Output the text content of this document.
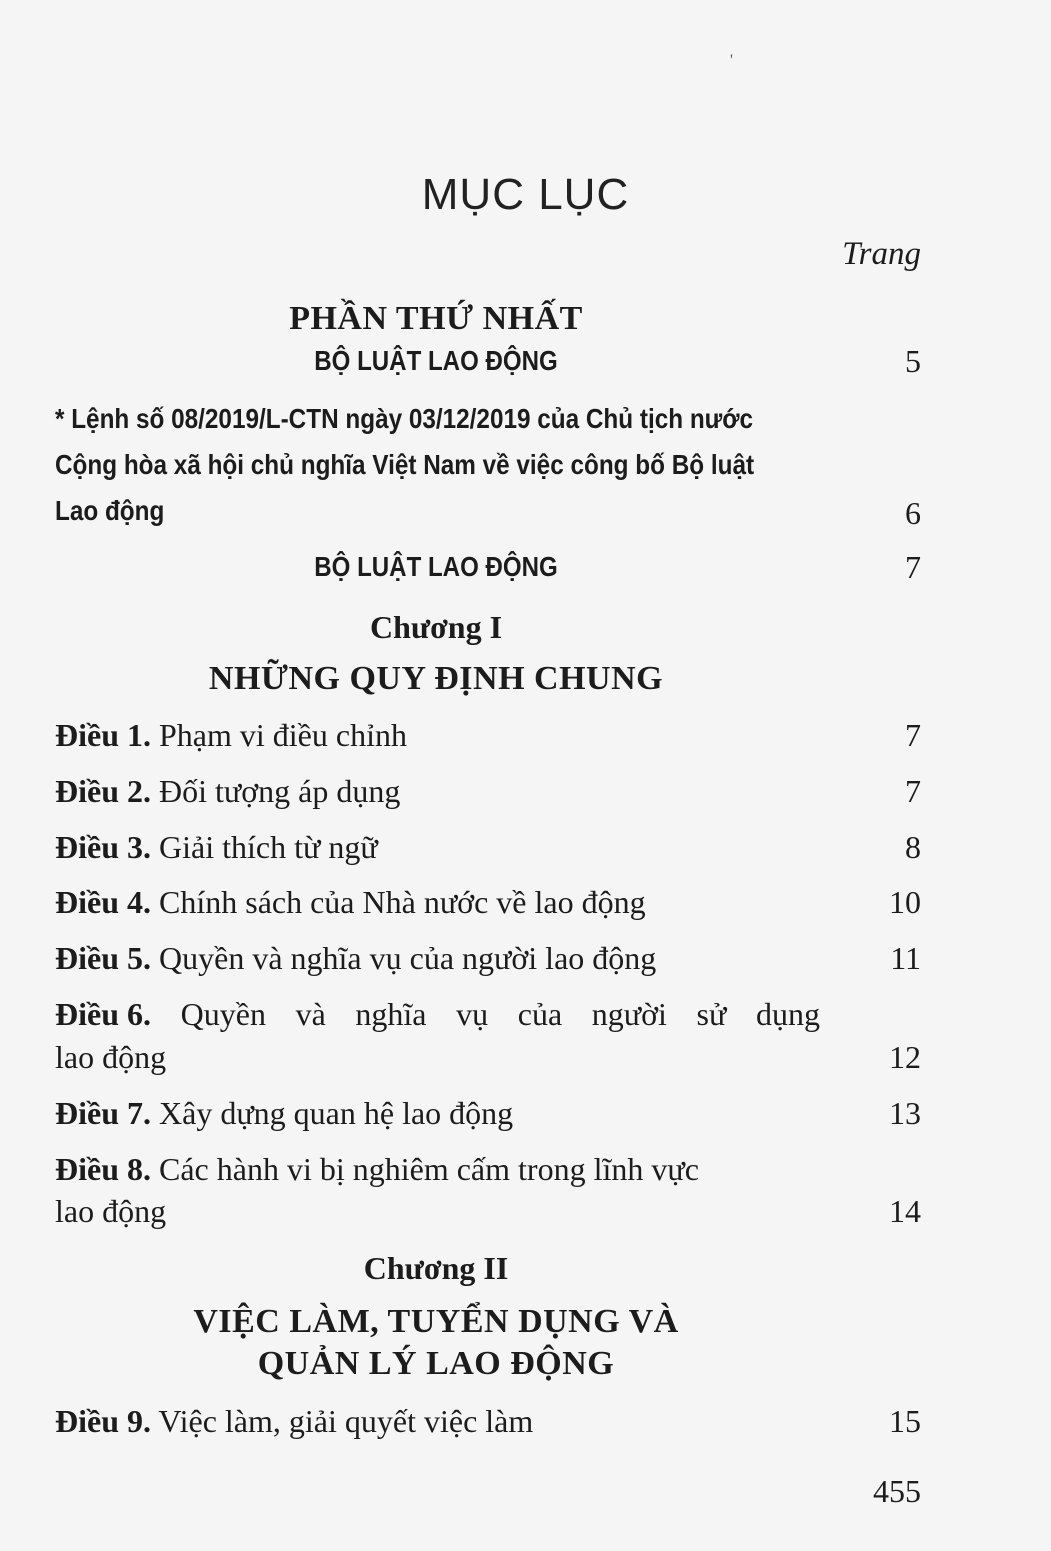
'
MỤC LỤC
Trang
PHẦN THỨ NHẤT
BỘ LUẬT LAO ĐỘNG	5
* Lệnh số 08/2019/L-CTN ngày 03/12/2019 của Chủ tịch nước
Cộng hòa xã hội chủ nghĩa Việt Nam về việc công bố Bộ luật
Lao động	6
BỘ LUẬT LAO ĐỘNG	7
Chương I
NHỮNG QUY ĐỊNH CHUNG
Điều 1. Phạm vi điều chỉnh	7
Điều 2. Đối tượng áp dụng	7
Điều 3. Giải thích từ ngữ	8
Điều 4. Chính sách của Nhà nước về lao động	10
Điều 5. Quyền và nghĩa vụ của người lao động	11
Điều 6. Quyền và nghĩa vụ của người sử dụng
lao động	12
Điều 7. Xây dựng quan hệ lao động	13
Điều 8. Các hành vi bị nghiêm cấm trong lĩnh vực
lao động	14
Chương II
VIỆC LÀM, TUYỂN DỤNG VÀ
QUẢN LÝ LAO ĐỘNG
Điều 9. Việc làm, giải quyết việc làm	15
455
